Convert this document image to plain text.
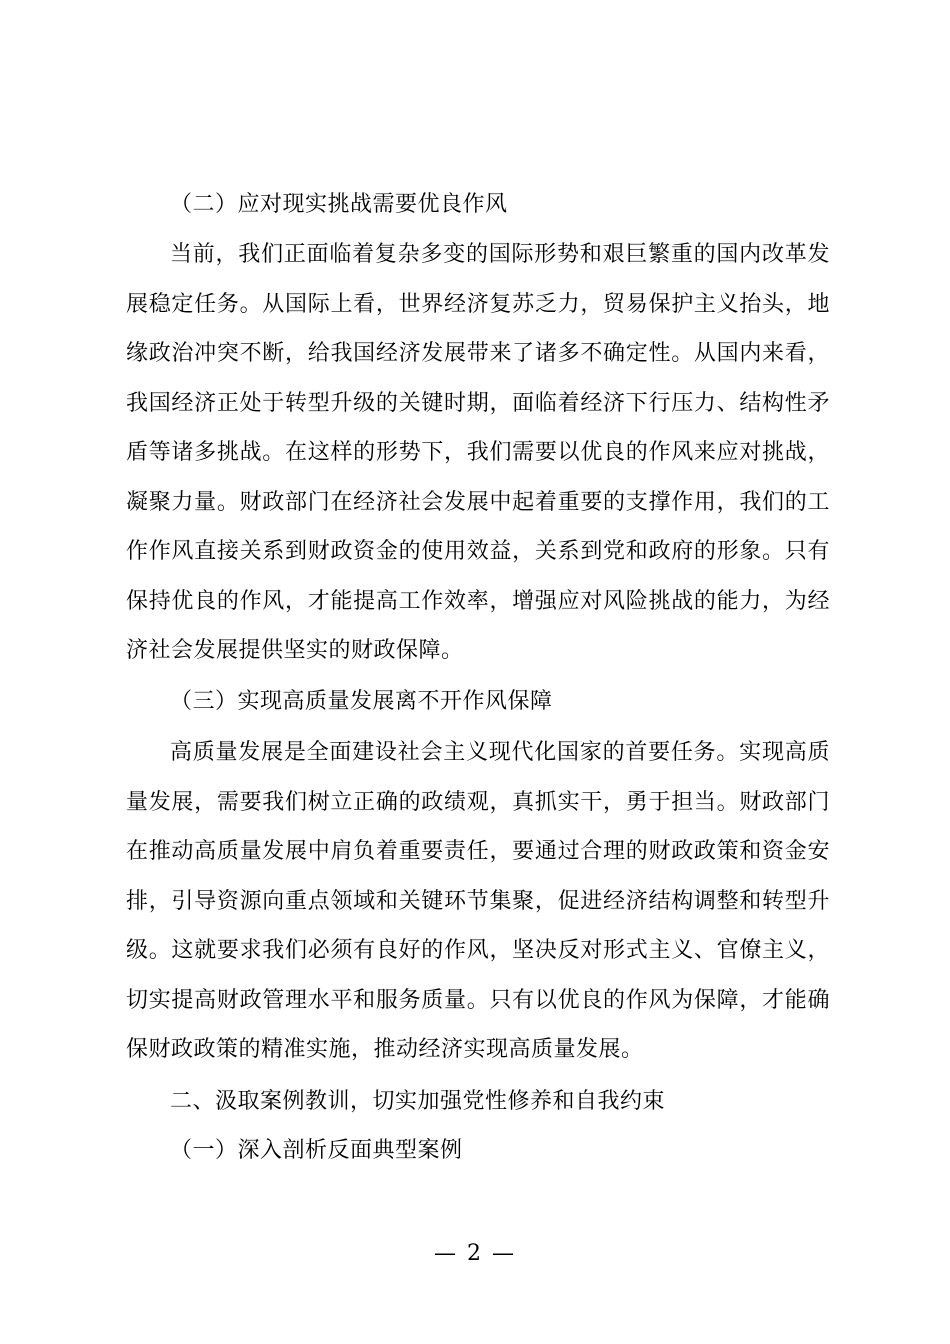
（二）应对现实挑战需要优良作风

当前，我们正面临着复杂多变的国际形势和艰巨繁重的国内改革发展稳定任务。从国际上看，世界经济复苏乏力，贸易保护主义抬头，地缘政治冲突不断，给我国经济发展带来了诸多不确定性。从国内来看，我国经济正处于转型升级的关键时期，面临着经济下行压力、结构性矛盾等诸多挑战。在这样的形势下，我们需要以优良的作风来应对挑战，凝聚力量。财政部门在经济社会发展中起着重要的支撑作用，我们的工作作风直接关系到财政资金的使用效益，关系到党和政府的形象。只有保持优良的作风，才能提高工作效率，增强应对风险挑战的能力，为经济社会发展提供坚实的财政保障。

（三）实现高质量发展离不开作风保障

高质量发展是全面建设社会主义现代化国家的首要任务。实现高质量发展，需要我们树立正确的政绩观，真抓实干，勇于担当。财政部门在推动高质量发展中肩负着重要责任，要通过合理的财政政策和资金安排，引导资源向重点领域和关键环节集聚，促进经济结构调整和转型升级。这就要求我们必须有良好的作风，坚决反对形式主义、官僚主义，切实提高财政管理水平和服务质量。只有以优良的作风为保障，才能确保财政政策的精准实施，推动经济实现高质量发展。

二、汲取案例教训，切实加强党性修养和自我约束
（一）深入剖析反面典型案例
— 2 —
